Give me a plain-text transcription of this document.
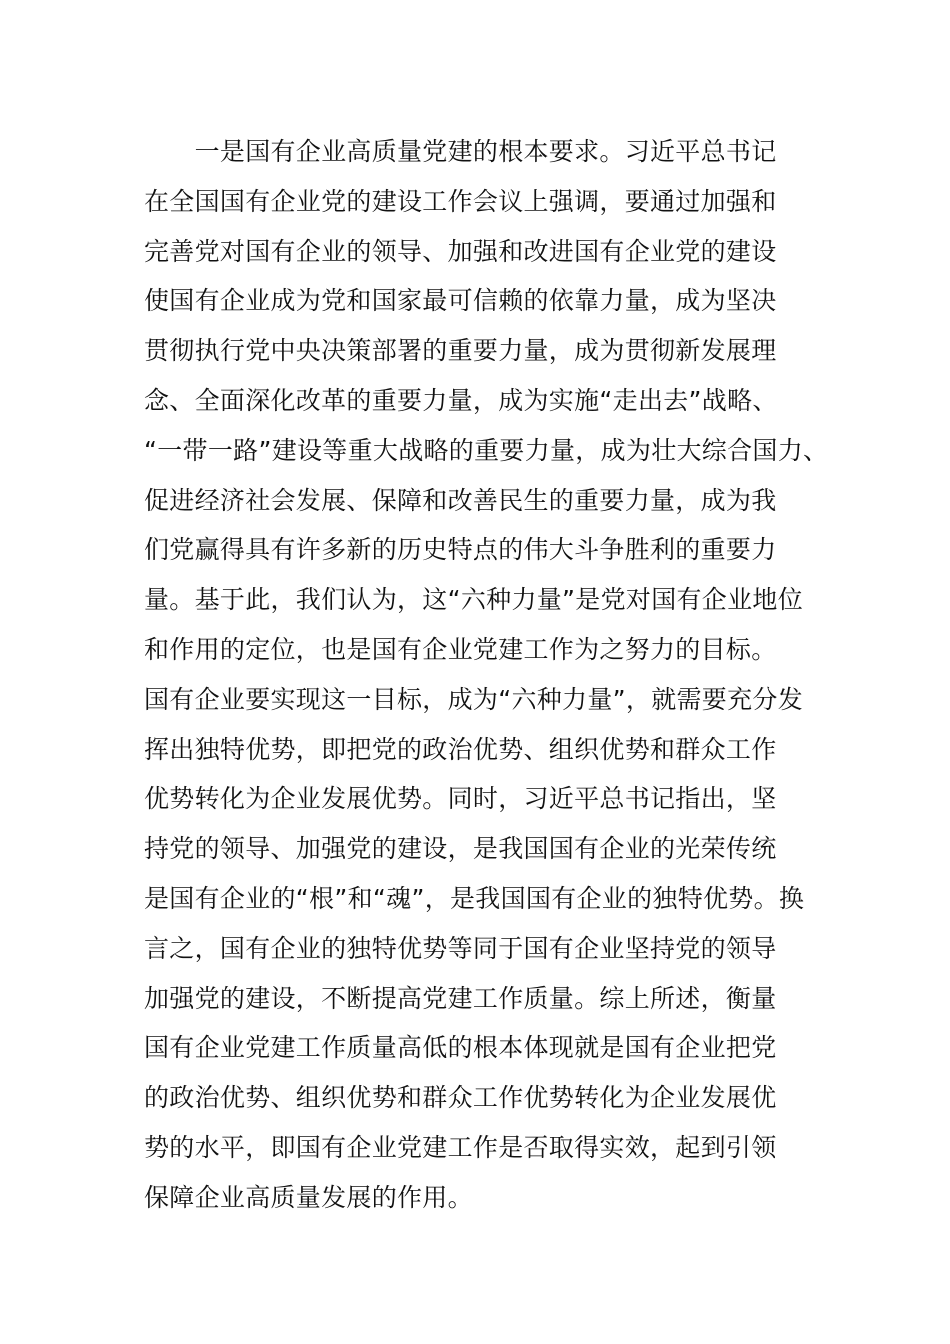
　　一是国有企业高质量党建的根本要求。习近平总书记
在全国国有企业党的建设工作会议上强调，要通过加强和
完善党对国有企业的领导、加强和改进国有企业党的建设
使国有企业成为党和国家最可信赖的依靠力量，成为坚决
贯彻执行党中央决策部署的重要力量，成为贯彻新发展理
念、全面深化改革的重要力量，成为实施“走出去”战略、
“一带一路”建设等重大战略的重要力量，成为壮大综合国力、
促进经济社会发展、保障和改善民生的重要力量，成为我
们党赢得具有许多新的历史特点的伟大斗争胜利的重要力
量。基于此，我们认为，这“六种力量”是党对国有企业地位
和作用的定位，也是国有企业党建工作为之努力的目标。
国有企业要实现这一目标，成为“六种力量”，就需要充分发
挥出独特优势，即把党的政治优势、组织优势和群众工作
优势转化为企业发展优势。同时，习近平总书记指出，坚
持党的领导、加强党的建设，是我国国有企业的光荣传统
是国有企业的“根”和“魂”，是我国国有企业的独特优势。换
言之，国有企业的独特优势等同于国有企业坚持党的领导
加强党的建设，不断提高党建工作质量。综上所述，衡量
国有企业党建工作质量高低的根本体现就是国有企业把党
的政治优势、组织优势和群众工作优势转化为企业发展优
势的水平，即国有企业党建工作是否取得实效，起到引领
保障企业高质量发展的作用。
